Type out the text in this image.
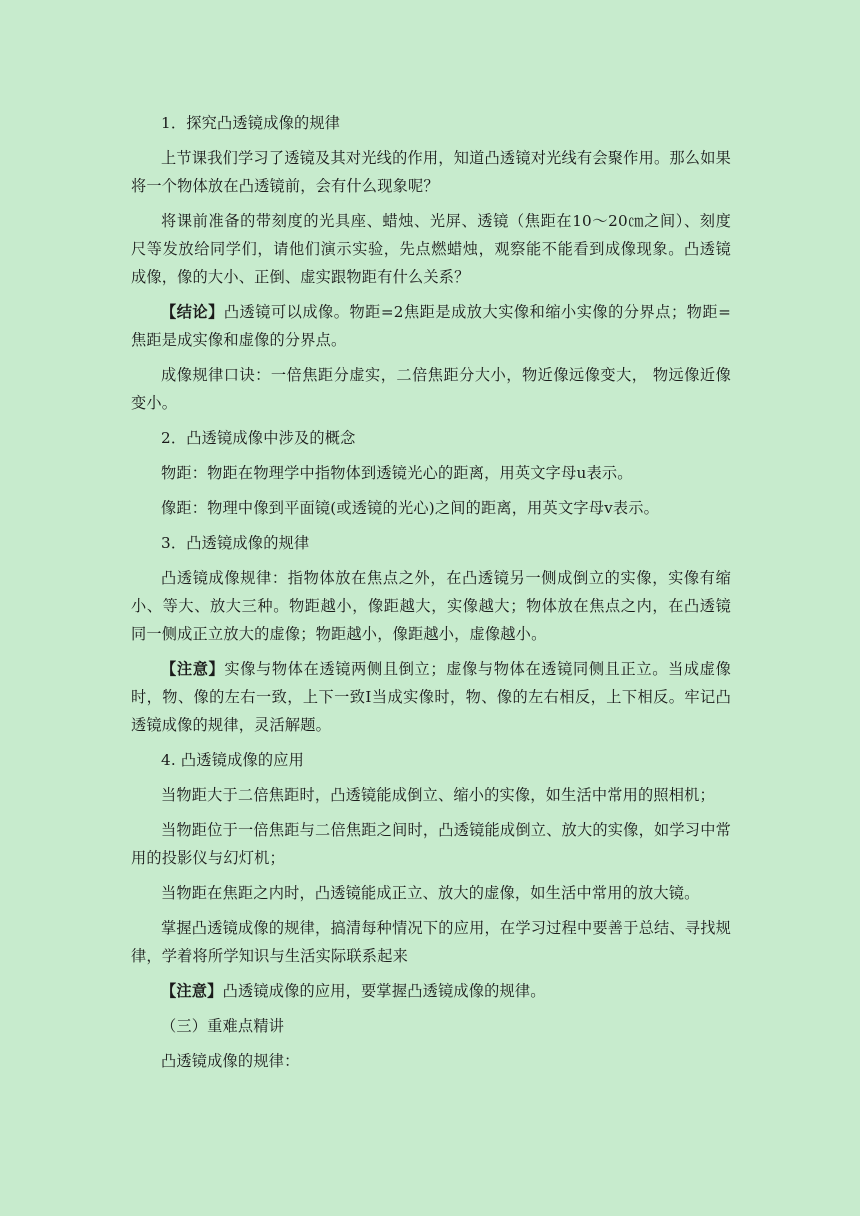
1．探究凸透镜成像的规律

上节课我们学习了透镜及其对光线的作用，知道凸透镜对光线有会聚作用。那么如果将一个物体放在凸透镜前，会有什么现象呢？

将课前准备的带刻度的光具座、蜡烛、光屏、透镜（焦距在10～20㎝之间）、刻度尺等发放给同学们，请他们演示实验，先点燃蜡烛，观察能不能看到成像现象。凸透镜成像，像的大小、正倒、虚实跟物距有什么关系？

【结论】凸透镜可以成像。物距=2焦距是成放大实像和缩小实像的分界点；物距=焦距是成实像和虚像的分界点。

成像规律口诀：一倍焦距分虚实，二倍焦距分大小，物近像远像变大， 物远像近像变小。

2．凸透镜成像中涉及的概念

物距：物距在物理学中指物体到透镜光心的距离，用英文字母u表示。

像距：物理中像到平面镜(或透镜的光心)之间的距离，用英文字母v表示。

3．凸透镜成像的规律

凸透镜成像规律：指物体放在焦点之外，在凸透镜另一侧成倒立的实像，实像有缩小、等大、放大三种。物距越小，像距越大，实像越大；物体放在焦点之内，在凸透镜同一侧成正立放大的虚像；物距越小，像距越小，虚像越小。

【注意】实像与物体在透镜两侧且倒立；虚像与物体在透镜同侧且正立。当成虚像时，物、像的左右一致，上下一致I当成实像时，物、像的左右相反，上下相反。牢记凸透镜成像的规律，灵活解题。

4. 凸透镜成像的应用

当物距大于二倍焦距时，凸透镜能成倒立、缩小的实像，如生活中常用的照相机；

当物距位于一倍焦距与二倍焦距之间时，凸透镜能成倒立、放大的实像，如学习中常用的投影仪与幻灯机；

当物距在焦距之内时，凸透镜能成正立、放大的虚像，如生活中常用的放大镜。

掌握凸透镜成像的规律，搞清每种情况下的应用，在学习过程中要善于总结、寻找规律，学着将所学知识与生活实际联系起来

【注意】凸透镜成像的应用，要掌握凸透镜成像的规律。

（三）重难点精讲

凸透镜成像的规律：
